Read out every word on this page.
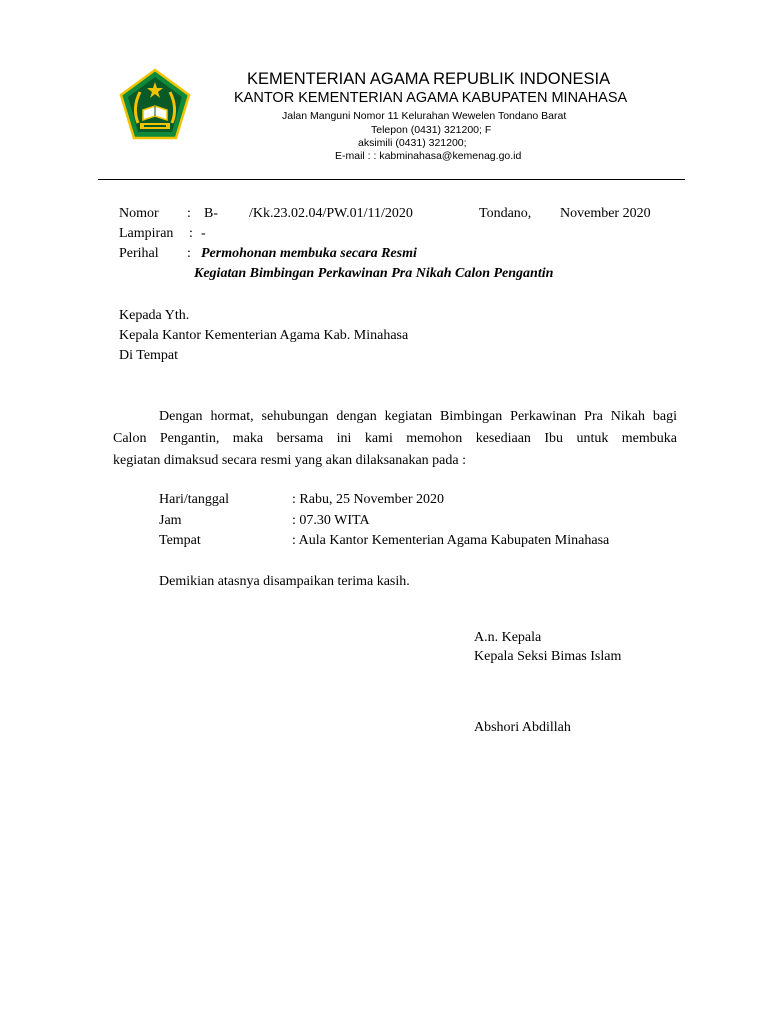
KEMENTERIAN AGAMA REPUBLIK INDONESIA
KANTOR KEMENTERIAN AGAMA KABUPATEN MINAHASA
Jalan Manguni Nomor 11 Kelurahan Wewelen Tondano Barat
Telepon (0431) 321200; F
aksimili (0431) 321200;
E-mail : : kabminahasa@kemenag.go.id
Nomor : B- /Kk.23.02.04/PW.01/11/2020	Tondano, November 2020
Lampiran : -
Perihal : Permohonan membuka secara Resmi
Kegiatan Bimbingan Perkawinan Pra Nikah Calon Pengantin
Kepada Yth.
Kepala Kantor Kementerian Agama Kab. Minahasa
Di Tempat
Dengan hormat, sehubungan dengan kegiatan Bimbingan Perkawinan Pra Nikah bagi
Calon Pengantin, maka bersama ini kami memohon kesediaan Ibu untuk membuka
kegiatan dimaksud secara resmi yang akan dilaksanakan pada :
Hari/tanggal	: Rabu, 25 November 2020
Jam	: 07.30 WITA
Tempat	: Aula Kantor Kementerian Agama Kabupaten Minahasa
Demikian atasnya disampaikan terima kasih.
A.n. Kepala
Kepala Seksi Bimas Islam
Abshori Abdillah
